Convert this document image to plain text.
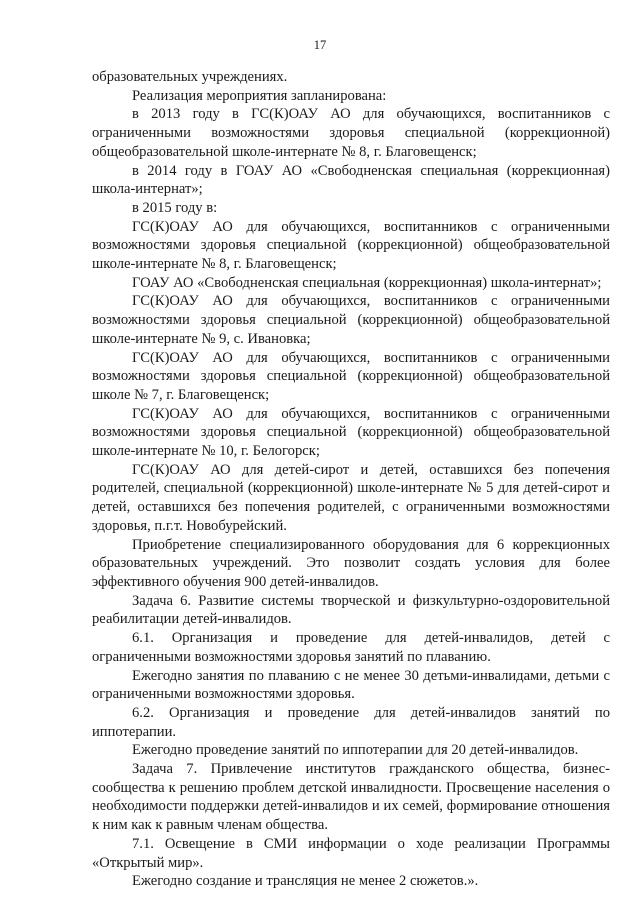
17

образовательных учреждениях.

Реализация мероприятия запланирована:

в 2013 году в ГС(К)ОАУ АО для обучающихся, воспитанников с ограниченными возможностями здоровья специальной (коррекционной) общеобразовательной школе-интернате № 8, г. Благовещенск;

в 2014 году в ГОАУ АО «Свободненская специальная (коррекционная) школа-интернат»;

в 2015 году в:

ГС(К)ОАУ АО для обучающихся, воспитанников с ограниченными возможностями здоровья специальной (коррекционной) общеобразовательной школе-интернате № 8, г. Благовещенск;

ГОАУ АО «Свободненская специальная (коррекционная) школа-интернат»;

ГС(К)ОАУ АО для обучающихся, воспитанников с ограниченными возможностями здоровья специальной (коррекционной) общеобразовательной школе-интернате № 9, с. Ивановка;

ГС(К)ОАУ АО для обучающихся, воспитанников с ограниченными возможностями здоровья специальной (коррекционной) общеобразовательной школе № 7, г. Благовещенск;

ГС(К)ОАУ АО для обучающихся, воспитанников с ограниченными возможностями здоровья специальной (коррекционной) общеобразовательной школе-интернате № 10, г. Белогорск;

ГС(К)ОАУ АО для детей-сирот и детей, оставшихся без попечения родителей, специальной (коррекционной) школе-интернате № 5 для детей-сирот и детей, оставшихся без попечения родителей, с ограниченными возможностями здоровья, п.г.т. Новобурейский.

Приобретение специализированного оборудования для 6 коррекционных образовательных учреждений. Это позволит создать условия для более эффективного обучения 900 детей-инвалидов.

Задача 6. Развитие системы творческой и физкультурно-оздоровительной реабилитации детей-инвалидов.

6.1. Организация и проведение для детей-инвалидов, детей с ограниченными возможностями здоровья занятий по плаванию.

Ежегодно занятия по плаванию с не менее 30 детьми-инвалидами, детьми с ограниченными возможностями здоровья.

6.2. Организация и проведение для детей-инвалидов занятий по иппотерапии.

Ежегодно проведение занятий по иппотерапии для 20 детей-инвалидов.

Задача 7. Привлечение институтов гражданского общества, бизнес-сообщества к решению проблем детской инвалидности. Просвещение населения о необходимости поддержки детей-инвалидов и их семей, формирование отношения к ним как к равным членам общества.

7.1. Освещение в СМИ информации о ходе реализации Программы «Открытый мир».

Ежегодно создание и трансляция не менее 2 сюжетов.».
